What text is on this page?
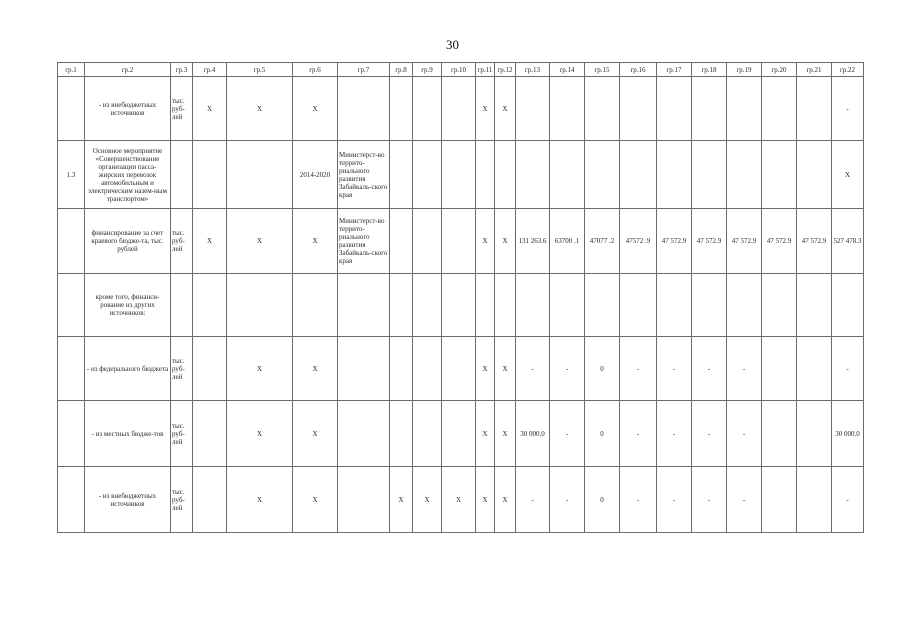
30
гр.1	гр.2	гр.3	гр.4	гр.5	гр.6	гр.7	гр.8	гр.9	гр.10	гр.11	гр.12	гр.13	гр.14	гр.15	гр.16	гр.17	гр.18	гр.19	гр.20	гр.21	гр.22
	- из внебюджетных источников	тыс. руб-лей	X	X	X					X	X										-
1.3	Основное мероприятие «Совершенствование организации пасса-жирских перевозок автомобильным и электрическим назем-ным транспортом»				2014-2020	Министерст-во террито-риального развития Забайкаль-ского края															X
	финансирование за счет краевого бюдже-та, тыс. рублей	тыс. руб-лей	X	X	X	Министерст-во террито-риального развития Забайкаль-ского края				X	X	131 263.6	63700 .1	47077 .2	47572 .9	47 572.9	47 572.9	47 572.9	47 572.9	47 572.9	527 478.3
	кроме того, финанси-рование из других источников:																				
	- из федерального бюджета	тыс. руб-лей		X	X					X	X	-	-	0	-	-	-	-			-
	- из местных бюдже-тов	тыс. руб-лей		X	X					X	X	30 000.0	-	0	-	-	-	-			30 000.0
	- из внебюджетных источников	тыс. руб-лей		X	X		X	X	X	X	X	-	-	0	-	-	-	-			-
